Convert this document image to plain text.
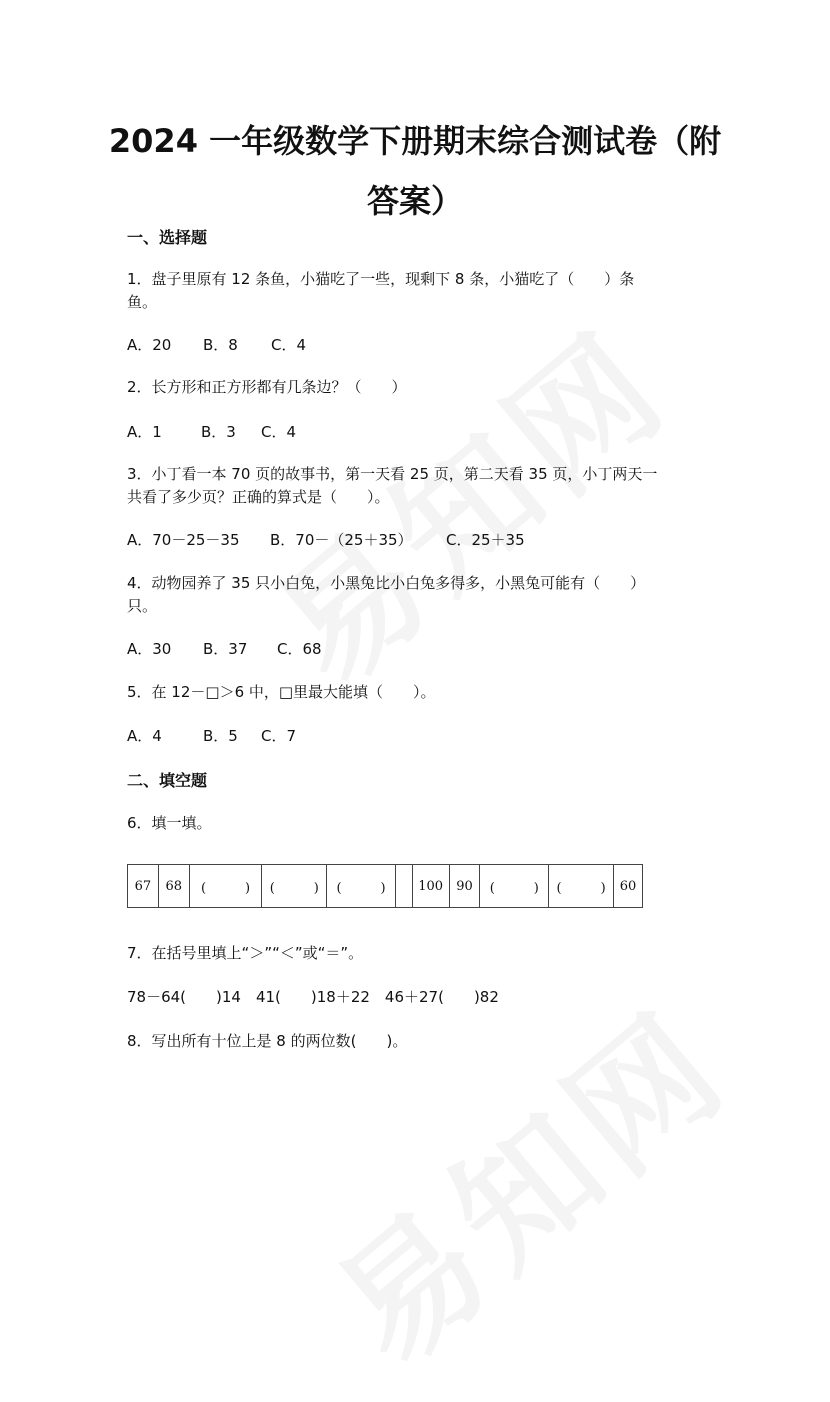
2024 一年级数学下册期末综合测试卷（附
答案）
一、选择题
1．盘子里原有 12 条鱼，小猫吃了一些，现剩下 8 条，小猫吃了（　　）条
鱼。
A．20 B．8 C．4
2．长方形和正方形都有几条边？（　　）
A．1	B．3 C．4
3．小丁看一本 70 页的故事书，第一天看 25 页，第二天看 35 页，小丁两天一
共看了多少页？正确的算式是（　　）。
A．70－25－35 B．70－（25＋35） C．25＋35
4．动物园养了 35 只小白兔，小黑兔比小白兔多得多，小黑兔可能有（　　）
只。
A．30 B．37 C．68
5．在 12－□＞6 中，□里最大能填（　　）。
A．4	B．5 C．7
二、填空题
6．填一填。
67	68	(　　　)	(　　　)	(　　　)		100	90	(　　　)	(　　　)	60
7．在括号里填上“＞”“＜”或“＝”。
78－64(　　)14　41(　　)18＋22　46＋27(　　)82
8．写出所有十位上是 8 的两位数(　　)。
